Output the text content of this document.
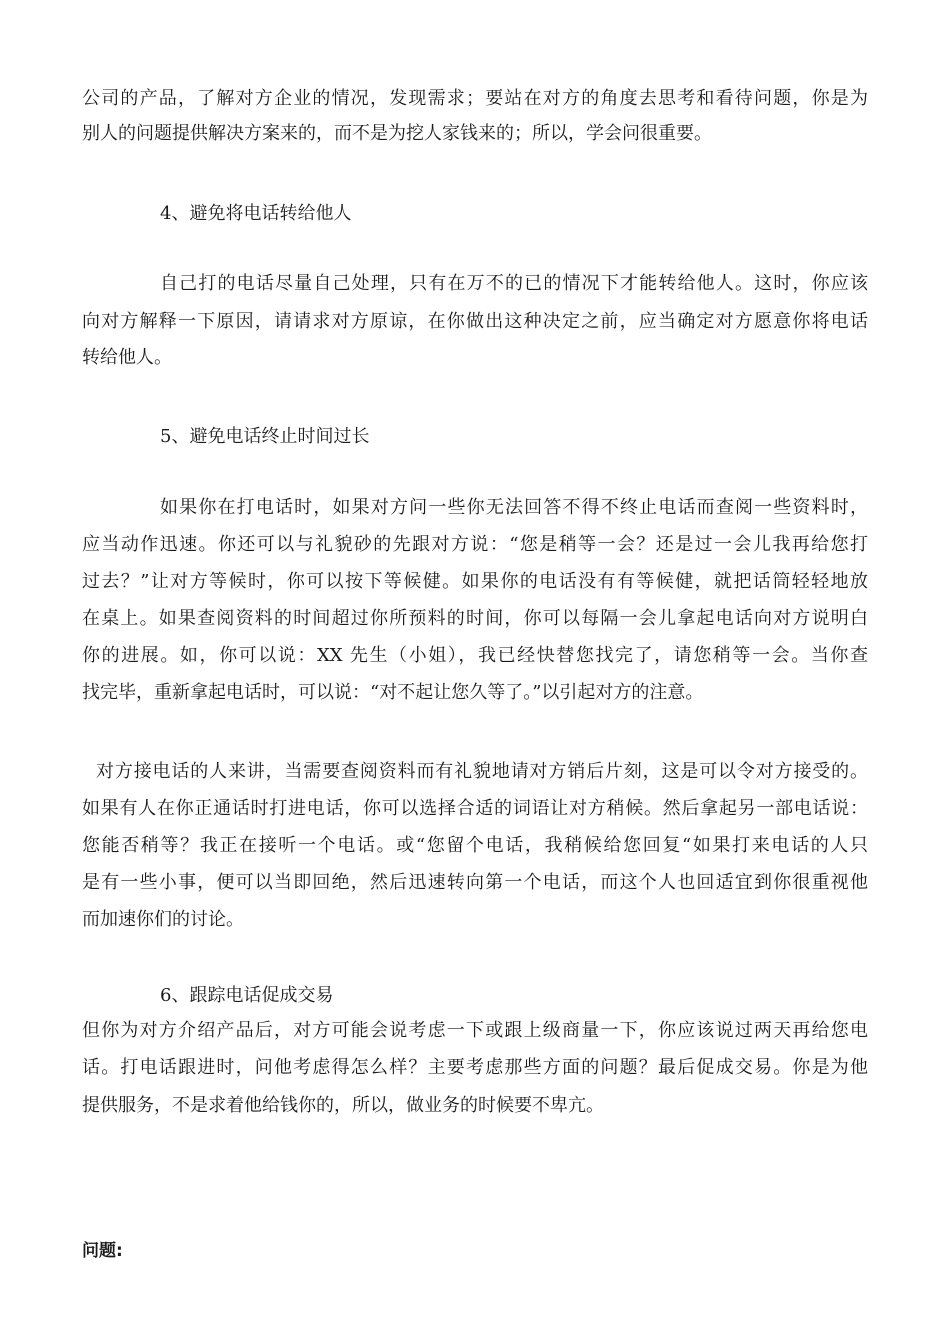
公司的产品，了解对方企业的情况，发现需求；要站在对方的角度去思考和看待问题，你是为
别人的问题提供解决方案来的，而不是为挖人家钱来的；所以，学会问很重要。
4、避免将电话转给他人
自己打的电话尽量自己处理，只有在万不的已的情况下才能转给他人。这时，你应该
向对方解释一下原因，请请求对方原谅，在你做出这种决定之前，应当确定对方愿意你将电话
转给他人。
5、避免电话终止时间过长
如果你在打电话时，如果对方问一些你无法回答不得不终止电话而查阅一些资料时，
应当动作迅速。你还可以与礼貌砂的先跟对方说：“您是稍等一会？还是过一会儿我再给您打
过去？”让对方等候时，你可以按下等候健。如果你的电话没有有等候健，就把话筒轻轻地放
在桌上。如果查阅资料的时间超过你所预料的时间，你可以每隔一会儿拿起电话向对方说明白
你的进展。如，你可以说：XX 先生（小姐），我已经快替您找完了，请您稍等一会。当你查
找完毕，重新拿起电话时，可以说：“对不起让您久等了。”以引起对方的注意。
对方接电话的人来讲，当需要查阅资料而有礼貌地请对方销后片刻，这是可以令对方接受的。
如果有人在你正通话时打进电话，你可以选择合适的词语让对方稍候。然后拿起另一部电话说：
您能否稍等？我正在接听一个电话。或“您留个电话，我稍候给您回复“如果打来电话的人只
是有一些小事，便可以当即回绝，然后迅速转向第一个电话，而这个人也回适宜到你很重视他
而加速你们的讨论。
6、跟踪电话促成交易
但你为对方介绍产品后，对方可能会说考虑一下或跟上级商量一下，你应该说过两天再给您电
话。打电话跟进时，问他考虑得怎么样？主要考虑那些方面的问题？最后促成交易。你是为他
提供服务，不是求着他给钱你的，所以，做业务的时候要不卑亢。
问题:
